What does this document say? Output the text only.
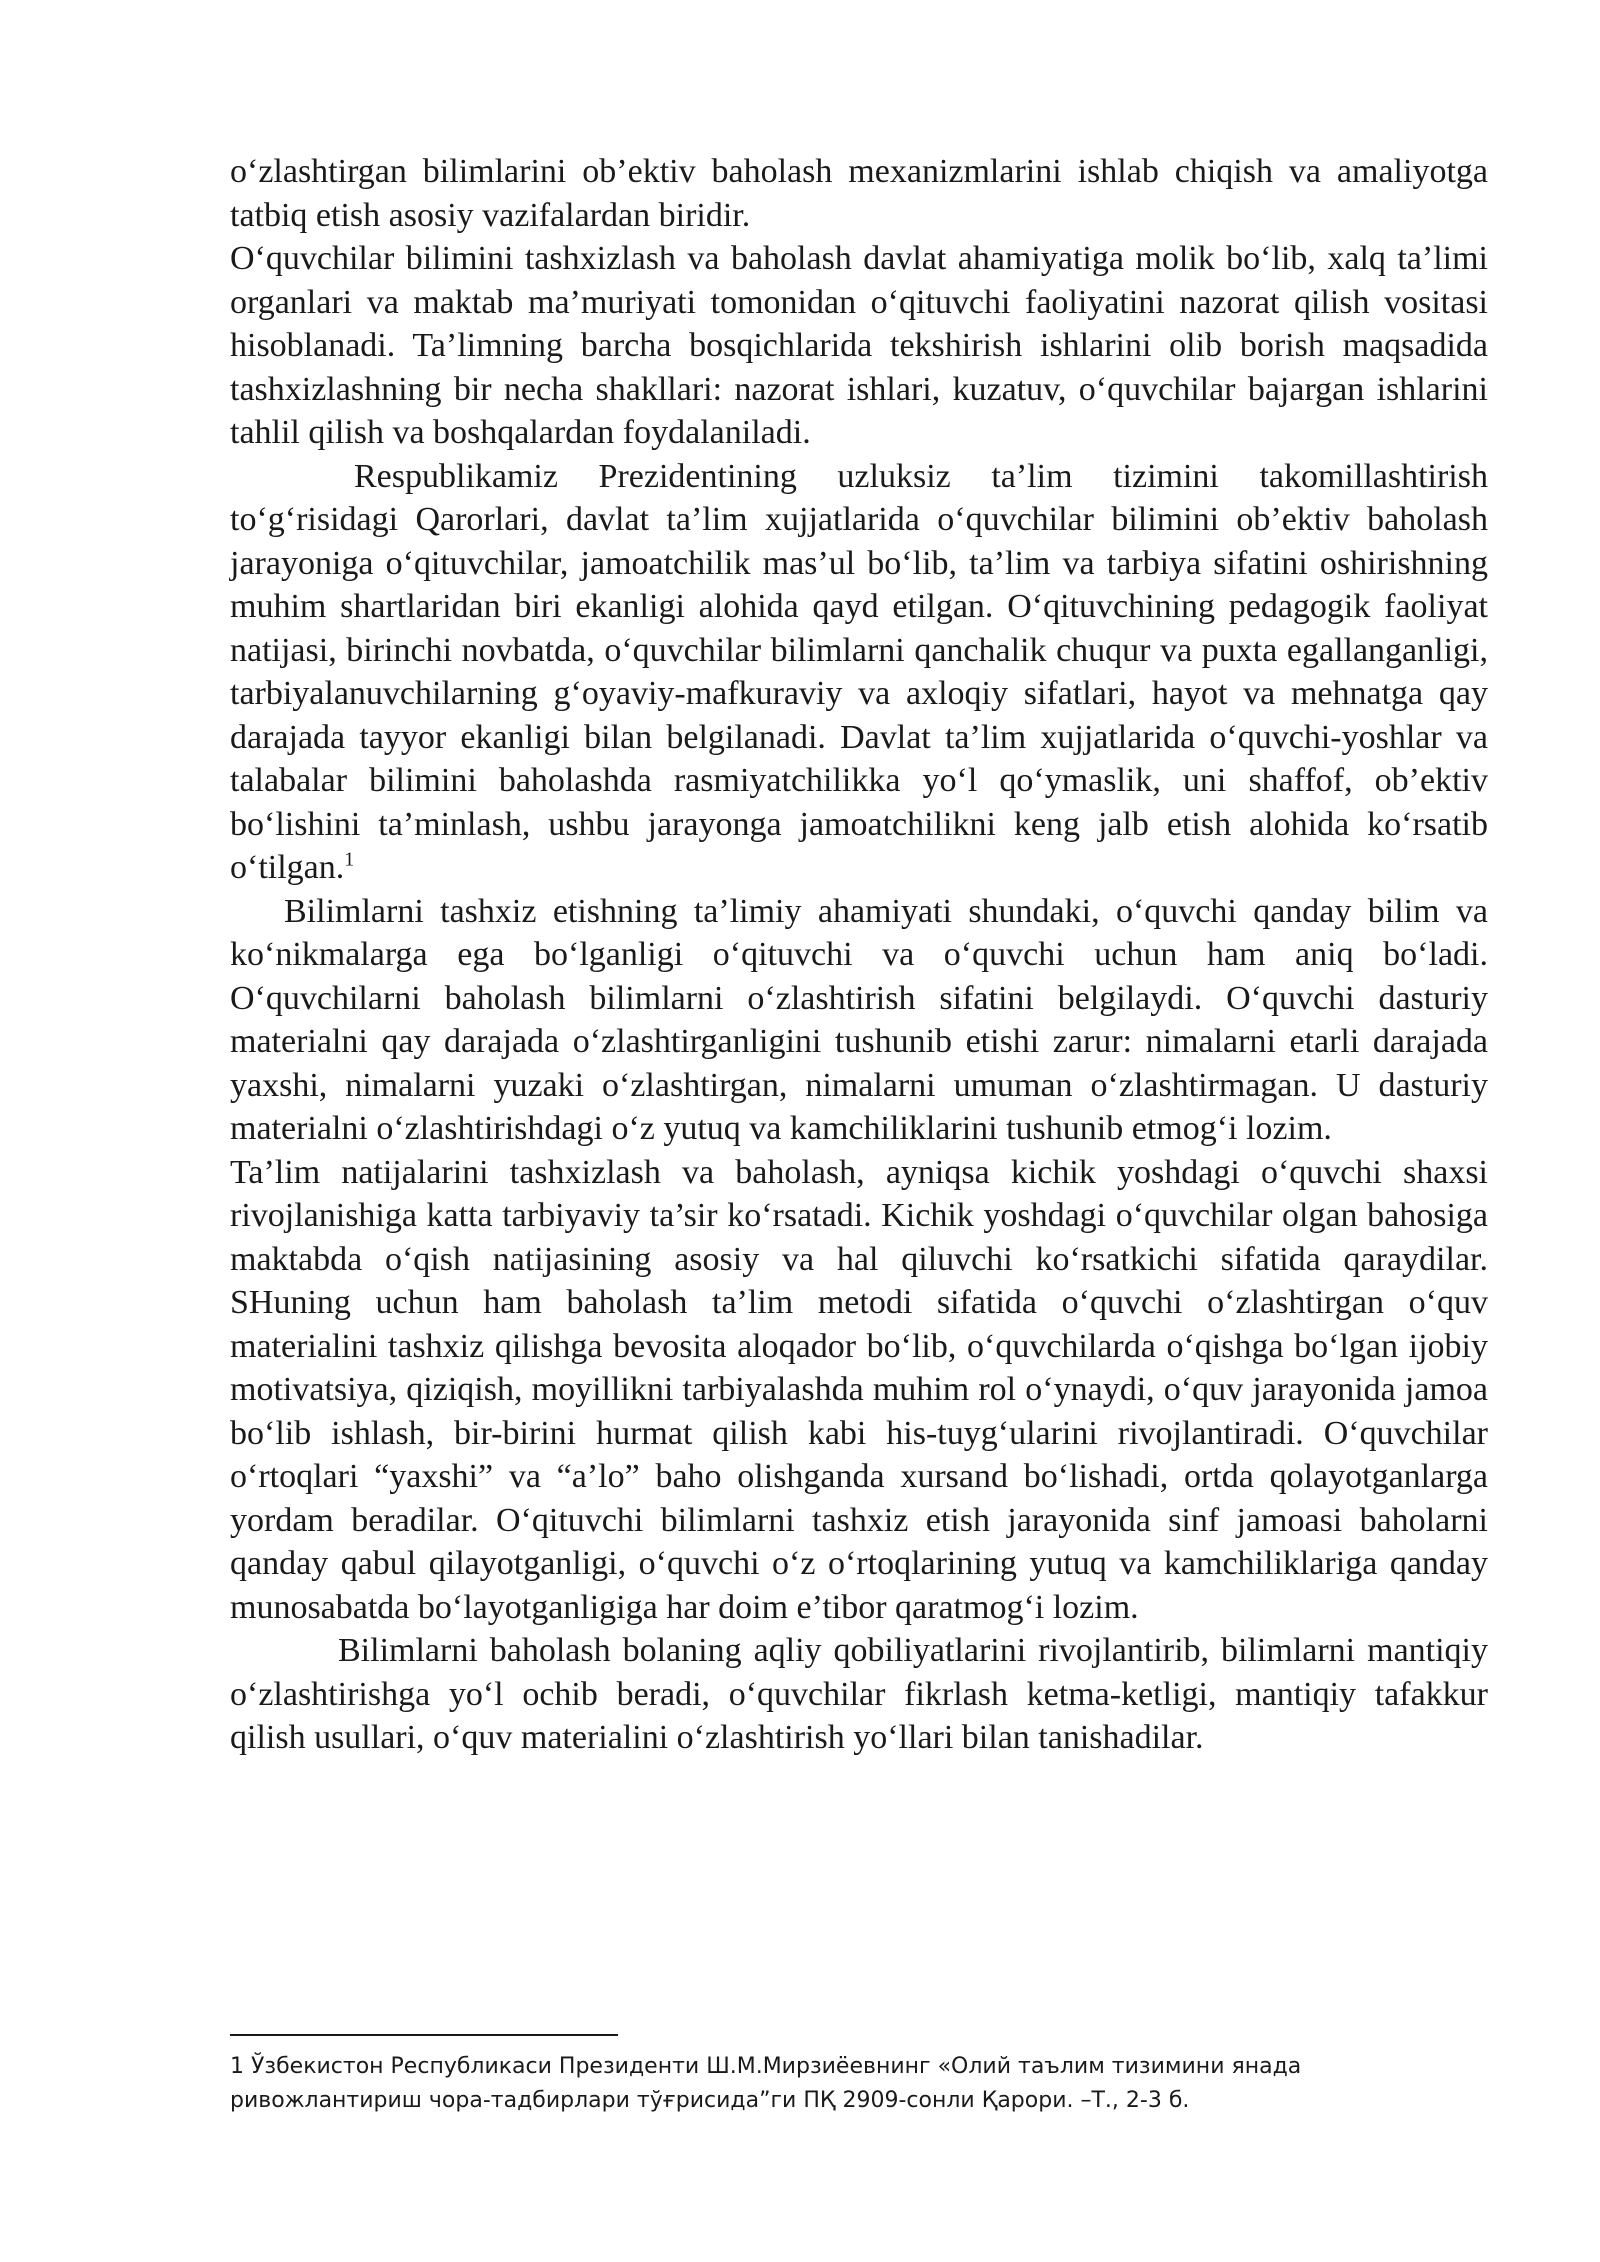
o‘zlashtirgan bilimlarini ob’ektiv baholash mexanizmlarini ishlab chiqish va amaliyotga tatbiq etish asosiy vazifalardan biridir.

O‘quvchilar bilimini tashxizlash va baholash davlat ahamiyatiga molik bo‘lib, xalq ta’limi organlari va maktab ma’muriyati tomonidan o‘qituvchi faoliyatini nazorat qilish vositasi hisoblanadi. Ta’limning barcha bosqichlarida tekshirish ishlarini olib borish maqsadida tashxizlashning bir necha shakllari: nazorat ishlari, kuzatuv, o‘quvchilar bajargan ishlarini tahlil qilish va boshqalardan foydalaniladi.

Respublikamiz Prezidentining uzluksiz ta’lim tizimini takomillashtirish to‘g‘risidagi Qarorlari, davlat ta’lim xujjatlarida o‘quvchilar bilimini ob’ektiv baholash jarayoniga o‘qituvchilar, jamoatchilik mas’ul bo‘lib, ta’lim va tarbiya sifatini oshirishning muhim shartlaridan biri ekanligi alohida qayd etilgan. O‘qituvchining pedagogik faoliyat natijasi, birinchi novbatda, o‘quvchilar bilimlarni qanchalik chuqur va puxta egallanganligi, tarbiyalanuvchilarning g‘oyaviy-mafkuraviy va axloqiy sifatlari, hayot va mehnatga qay darajada tayyor ekanligi bilan belgilanadi. Davlat ta’lim xujjatlarida o‘quvchi-yoshlar va talabalar bilimini baholashda rasmiyatchilikka yo‘l qo‘ymaslik, uni shaffof, ob’ektiv bo‘lishini ta’minlash, ushbu jarayonga jamoatchilikni keng jalb etish alohida ko‘rsatib o‘tilgan.$^1$

Bilimlarni tashxiz etishning ta’limiy ahamiyati shundaki, o‘quvchi qanday bilim va ko‘nikmalarga ega bo‘lganligi o‘qituvchi va o‘quvchi uchun ham aniq bo‘ladi. O‘quvchilarni baholash bilimlarni o‘zlashtirish sifatini belgilaydi. O‘quvchi dasturiy materialni qay darajada o‘zlashtirganligini tushunib etishi zarur: nimalarni etarli darajada yaxshi, nimalarni yuzaki o‘zlashtirgan, nimalarni umuman o‘zlashtirmagan. U dasturiy materialni o‘zlashtirishdagi o‘z yutuq va kamchiliklarini tushunib etmog‘i lozim.

Ta’lim natijalarini tashxizlash va baholash, ayniqsa kichik yoshdagi o‘quvchi shaxsi rivojlanishiga katta tarbiyaviy ta’sir ko‘rsatadi. Kichik yoshdagi o‘quvchilar olgan bahosiga maktabda o‘qish natijasining asosiy va hal qiluvchi ko‘rsatkichi sifatida qaraydilar. SHuning uchun ham baholash ta’lim metodi sifatida o‘quvchi o‘zlashtirgan o‘quv materialini tashxiz qilishga bevosita aloqador bo‘lib, o‘quvchilarda o‘qishga bo‘lgan ijobiy motivatsiya, qiziqish, moyillikni tarbiyalashda muhim rol o‘ynaydi, o‘quv jarayonida jamoa bo‘lib ishlash, bir-birini hurmat qilish kabi his-tuyg‘ularini rivojlantiradi. O‘quvchilar o‘rtoqlari “yaxshi” va “a’lo” baho olishganda xursand bo‘lishadi, ortda qolayotganlarga yordam beradilar. O‘qituvchi bilimlarni tashxiz etish jarayonida sinf jamoasi baholarni qanday qabul qilayotganligi, o‘quvchi o‘z o‘rtoqlarining yutuq va kamchiliklariga qanday munosabatda bo‘layotganligiga har doim e’tibor qaratmog‘i lozim.

Bilimlarni baholash bolaning aqliy qobiliyatlarini rivojlantirib, bilimlarni mantiqiy o‘zlashtirishga yo‘l ochib beradi, o‘quvchilar fikrlash ketma-ketligi, mantiqiy tafakkur qilish usullari, o‘quv materialini o‘zlashtirish yo‘llari bilan tanishadilar.

1 Ўзбекистон Республикаси Президенти Ш.М.Мирзиёевнинг «Олий таълим тизимини янада ривожлантириш чора-тадбирлари тўғрисида”ги ПҚ 2909-сонли Қарори. –Т., 2-3 б.
